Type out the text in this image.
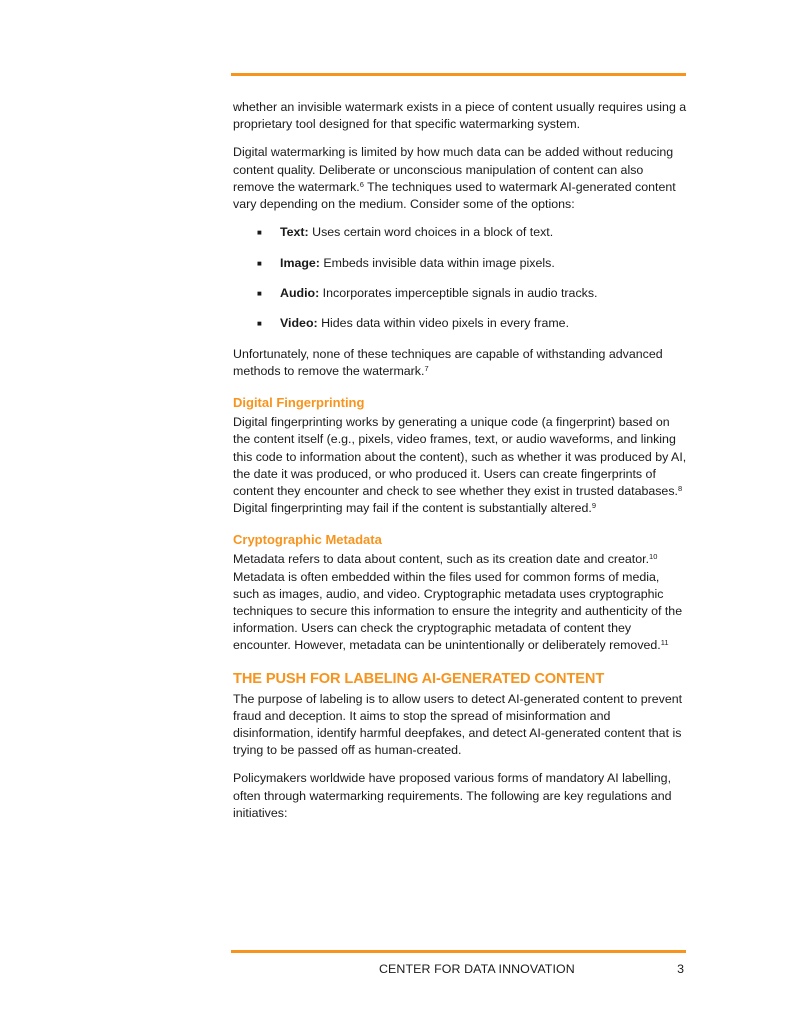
whether an invisible watermark exists in a piece of content usually requires using a proprietary tool designed for that specific watermarking system.

Digital watermarking is limited by how much data can be added without reducing content quality. Deliberate or unconscious manipulation of content can also remove the watermark.$^6$ The techniques used to watermark AI-generated content vary depending on the medium. Consider some of the options:

■ Text: Uses certain word choices in a block of text.
■ Image: Embeds invisible data within image pixels.
■ Audio: Incorporates imperceptible signals in audio tracks.
■ Video: Hides data within video pixels in every frame.

Unfortunately, none of these techniques are capable of withstanding advanced methods to remove the watermark.$^7$

Digital Fingerprinting

Digital fingerprinting works by generating a unique code (a fingerprint) based on the content itself (e.g., pixels, video frames, text, or audio waveforms, and linking this code to information about the content), such as whether it was produced by AI, the date it was produced, or who produced it. Users can create fingerprints of content they encounter and check to see whether they exist in trusted databases.$^8$ Digital fingerprinting may fail if the content is substantially altered.$^9$

Cryptographic Metadata

Metadata refers to data about content, such as its creation date and creator.$^{10}$ Metadata is often embedded within the files used for common forms of media, such as images, audio, and video. Cryptographic metadata uses cryptographic techniques to secure this information to ensure the integrity and authenticity of the information. Users can check the cryptographic metadata of content they encounter. However, metadata can be unintentionally or deliberately removed.$^{11}$

THE PUSH FOR LABELING AI-GENERATED CONTENT

The purpose of labeling is to allow users to detect AI-generated content to prevent fraud and deception. It aims to stop the spread of misinformation and disinformation, identify harmful deepfakes, and detect AI-generated content that is trying to be passed off as human-created.

Policymakers worldwide have proposed various forms of mandatory AI labelling, often through watermarking requirements. The following are key regulations and initiatives:

CENTER FOR DATA INNOVATION	3
